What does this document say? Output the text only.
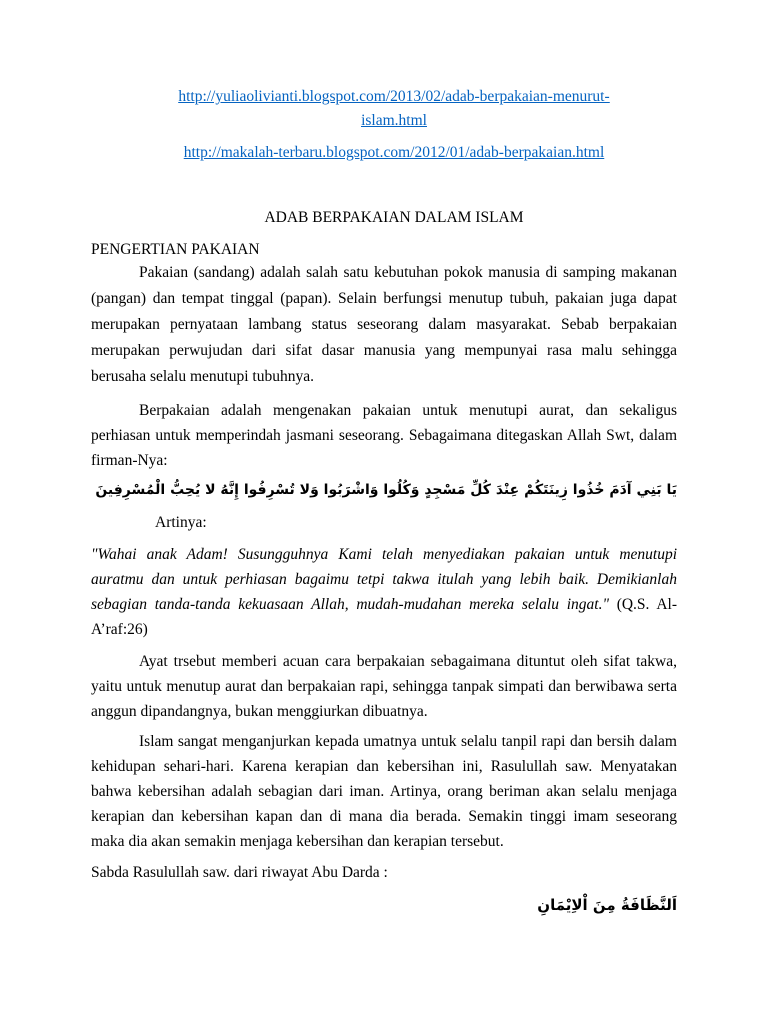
http://yuliaolivianti.blogspot.com/2013/02/adab-berpakaian-menurut-
islam.html
http://makalah-terbaru.blogspot.com/2012/01/adab-berpakaian.html
ADAB BERPAKAIAN DALAM ISLAM
PENGERTIAN PAKAIAN
Pakaian (sandang) adalah salah satu kebutuhan pokok manusia di samping makanan
(pangan) dan tempat tinggal (papan). Selain berfungsi menutup tubuh, pakaian juga dapat
merupakan pernyataan lambang status seseorang dalam masyarakat. Sebab berpakaian
merupakan perwujudan dari sifat dasar manusia yang mempunyai rasa malu sehingga
berusaha selalu menutupi tubuhnya.
Berpakaian adalah mengenakan pakaian untuk menutupi aurat, dan sekaligus
perhiasan untuk memperindah jasmani seseorang. Sebagaimana ditegaskan Allah Swt, dalam
firman-Nya:
يَا بَنِي آدَمَ خُذُوا زِينَتَكُمْ عِنْدَ كُلِّ مَسْجِدٍ وَكُلُوا وَاشْرَبُوا وَلا تُسْرِفُوا إِنَّهُ لا يُحِبُّ الْمُسْرِفِينَ
Artinya:
"Wahai anak Adam! Susungguhnya Kami telah menyediakan pakaian untuk menutupi
auratmu dan untuk perhiasan bagaimu tetpi takwa itulah yang lebih baik. Demikianlah
sebagian tanda-tanda kekuasaan Allah, mudah-mudahan mereka selalu ingat." (Q.S. Al-
A’raf:26)
Ayat trsebut memberi acuan cara berpakaian sebagaimana dituntut oleh sifat takwa,
yaitu untuk menutup aurat dan berpakaian rapi, sehingga tanpak simpati dan berwibawa serta
anggun dipandangnya, bukan menggiurkan dibuatnya.
Islam sangat menganjurkan kepada umatnya untuk selalu tanpil rapi dan bersih dalam
kehidupan sehari-hari. Karena kerapian dan kebersihan ini, Rasulullah saw. Menyatakan
bahwa kebersihan adalah sebagian dari iman. Artinya, orang beriman akan selalu menjaga
kerapian dan kebersihan kapan dan di mana dia berada. Semakin tinggi imam seseorang
maka dia akan semakin menjaga kebersihan dan kerapian tersebut.
Sabda Rasulullah saw. dari riwayat Abu Darda :
اَلنَّظَافَةُ مِنَ اْلاِيْمَانِ
